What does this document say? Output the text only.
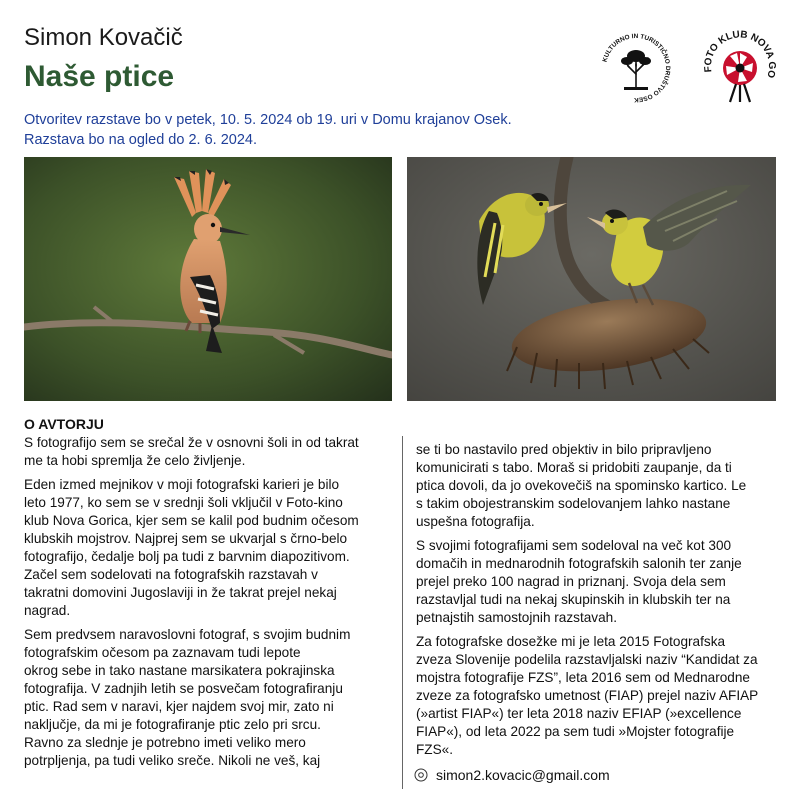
Simon Kovačič
Naše ptice
Otvoritev razstave bo v petek, 10. 5. 2024 ob 19. uri v Domu krajanov Osek.
Razstava bo na ogled do 2. 6. 2024.
KULTURNO IN TURISTIČNO DRUŠTVO OSEK
FOTO KLUB NOVA GO
O AVTORJU

S fotografijo sem se srečal že v osnovni šoli in od takrat
me ta hobi spremlja že celo življenje.

Eden izmed mejnikov v moji fotografski karieri je bilo
leto 1977, ko sem se v srednji šoli vključil v Foto-kino
klub Nova Gorica, kjer sem se kalil pod budnim očesom
klubskih mojstrov. Najprej sem se ukvarjal s črno-belo
fotografijo, čedalje bolj pa tudi z barvnim diapozitivom.
Začel sem sodelovati na fotografskih razstavah v
takratni domovini Jugoslaviji in že takrat prejel nekaj
nagrad.

Sem predvsem naravoslovni fotograf, s svojim budnim
fotografskim očesom pa zaznavam tudi lepote
okrog sebe in tako nastane marsikatera pokrajinska
fotografija. V zadnjih letih se posvečam fotografiranju
ptic. Rad sem v naravi, kjer najdem svoj mir, zato ni
naključje, da mi je fotografiranje ptic zelo pri srcu.
Ravno za slednje je potrebno imeti veliko mero
potrpljenja, pa tudi veliko sreče. Nikoli ne veš, kaj

se ti bo nastavilo pred objektiv in bilo pripravljeno
komunicirati s tabo. Moraš si pridobiti zaupanje, da ti
ptica dovoli, da jo ovekovečiš na spominsko kartico. Le
s takim obojestranskim sodelovanjem lahko nastane
uspešna fotografija.

S svojimi fotografijami sem sodeloval na več kot 300
domačih in mednarodnih fotografskih salonih ter zanje
prejel preko 100 nagrad in priznanj. Svoja dela sem
razstavljal tudi na nekaj skupinskih in klubskih ter na
petnajstih samostojnih razstavah.

Za fotografske dosežke mi je leta 2015 Fotografska
zveza Slovenije podelila razstavljalski naziv “Kandidat za
mojstra fotografije FZS”, leta 2016 sem od Mednarodne
zveze za fotografsko umetnost (FIAP) prejel naziv AFIAP
(»artist FIAP«) ter leta 2018 naziv EFIAP (»excellence
FIAP«), od leta 2022 pa sem tudi »Mojster fotografije
FZS«.

simon2.kovacic@gmail.com
